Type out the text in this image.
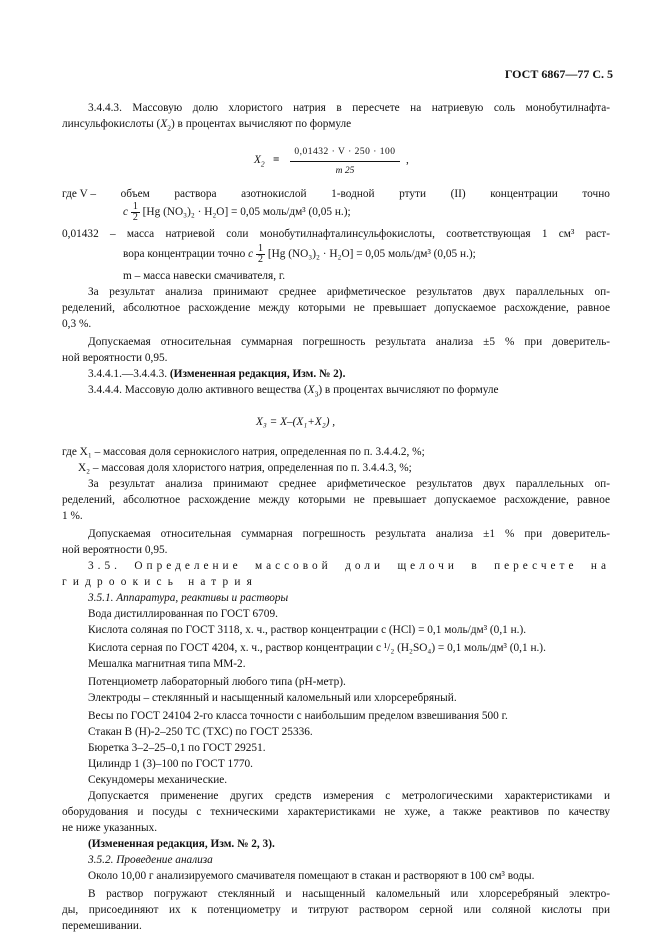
ГОСТ 6867—77 С. 5
3.4.4.3. Массовую долю хлористого натрия в пересчете на натриевую соль монобутилнафта-
линсульфокислоты $(X_2)$ в процентах вычисляют по формуле
$X_2 = \frac{0,01432 \cdot V \cdot 250 \cdot 100}{m 25}$ ,
где V – объем раствора азотнокислой 1-водной ртути (II) концентрации точно
c $\frac{1}{2} [Hg$ (NO₃)₂ · H₂O] = 0,05 моль/дм³ (0,05 н.);
0,01432 – масса натриевой соли монобутилнафталинсульфокислоты, соответствующая 1 см³ раст-
вора концентрации точно c $\frac{1}{2} [Hg$ (NO₃)₂ · H₂O] = 0,05 моль/дм³ (0,05 н.);
m – масса навески смачивателя, г.
За результат анализа принимают среднее арифметическое результатов двух параллельных оп-
ределений, абсолютное расхождение между которыми не превышает допускаемое расхождение, равное
0,3 %.
Допускаемая относительная суммарная погрешность результата анализа ±5 % при доверитель-
ной вероятности 0,95.
3.4.4.1.—3.4.4.3. (Измененная редакция, Изм. № 2).
3.4.4.4. Массовую долю активного вещества $(X_3)$ в процентах вычисляют по формуле
X₃ = X–(X₁+X₂) ,
где X₁ – массовая доля сернокислого натрия, определенная по п. 3.4.4.2, %;
X₂ – массовая доля хлористого натрия, определенная по п. 3.4.4.3, %;
За результат анализа принимают среднее арифметическое результатов двух параллельных оп-
ределений, абсолютное расхождение между которыми не превышает допускаемое расхождение, равное
1 %.
Допускаемая относительная суммарная погрешность результата анализа ±1 % при доверитель-
ной вероятности 0,95.
3.5. Определение массовой доли щелочи в пересчете на
гидроокись натрия
3.5.1. Аппаратура, реактивы и растворы
Вода дистиллированная по ГОСТ 6709.
Кислота соляная по ГОСТ 3118, х. ч., раствор концентрации c (HCl) = 0,1 моль/дм³ (0,1 н.).
Кислота серная по ГОСТ 4204, х. ч., раствор концентрации c ¹/₂ (H₂SO₄) = 0,1 моль/дм³ (0,1 н.).
Мешалка магнитная типа ММ-2.
Потенциометр лабораторный любого типа (рН-метр).
Электроды – стеклянный и насыщенный каломельный или хлорсеребряный.
Весы по ГОСТ 24104 2-го класса точности с наибольшим пределом взвешивания 500 г.
Стакан В (Н)-2–250 ТС (ТХС) по ГОСТ 25336.
Бюретка 3–2–25–0,1 по ГОСТ 29251.
Цилиндр 1 (3)–100 по ГОСТ 1770.
Секундомеры механические.
Допускается применение других средств измерения с метрологическими характеристиками и
оборудования и посуды с техническими характеристиками не хуже, а также реактивов по качеству
не ниже указанных.
(Измененная редакция, Изм. № 2, 3).
3.5.2. Проведение анализа
Около 10,00 г анализируемого смачивателя помещают в стакан и растворяют в 100 см³ воды.
В раствор погружают стеклянный и насыщенный каломельный или хлорсеребряный электро-
ды, присоединяют их к потенциометру и титруют раствором серной или соляной кислоты при
перемешивании.
